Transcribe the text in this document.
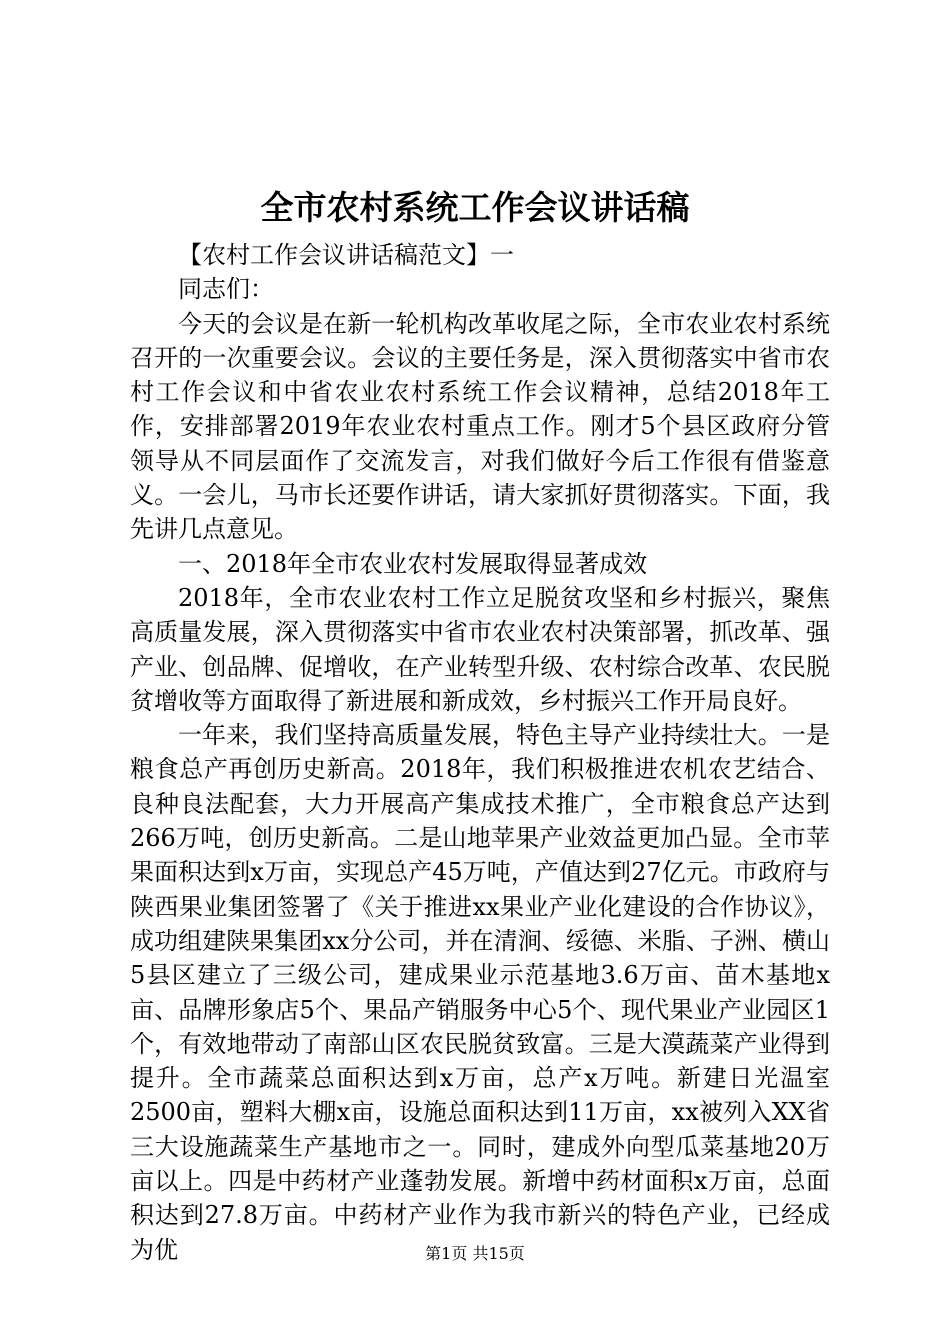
全市农村系统工作会议讲话稿

【农村工作会议讲话稿范文】一

同志们：

今天的会议是在新一轮机构改革收尾之际，全市农业农村系统召开的一次重要会议。会议的主要任务是，深入贯彻落实中省市农村工作会议和中省农业农村系统工作会议精神，总结2018年工作，安排部署2019年农业农村重点工作。刚才5个县区政府分管领导从不同层面作了交流发言，对我们做好今后工作很有借鉴意义。一会儿，马市长还要作讲话，请大家抓好贯彻落实。下面，我先讲几点意见。

一、2018年全市农业农村发展取得显著成效

2018年，全市农业农村工作立足脱贫攻坚和乡村振兴，聚焦高质量发展，深入贯彻落实中省市农业农村决策部署，抓改革、强产业、创品牌、促增收，在产业转型升级、农村综合改革、农民脱贫增收等方面取得了新进展和新成效，乡村振兴工作开局良好。

一年来，我们坚持高质量发展，特色主导产业持续壮大。一是粮食总产再创历史新高。2018年，我们积极推进农机农艺结合、良种良法配套，大力开展高产集成技术推广，全市粮食总产达到266万吨，创历史新高。二是山地苹果产业效益更加凸显。全市苹果面积达到x万亩，实现总产45万吨，产值达到27亿元。市政府与陕西果业集团签署了《关于推进xx果业产业化建设的合作协议》，成功组建陕果集团xx分公司，并在清涧、绥德、米脂、子洲、横山5县区建立了三级公司，建成果业示范基地3.6万亩、苗木基地x亩、品牌形象店5个、果品产销服务中心5个、现代果业产业园区1个，有效地带动了南部山区农民脱贫致富。三是大漠蔬菜产业得到提升。全市蔬菜总面积达到x万亩，总产x万吨。新建日光温室2500亩，塑料大棚x亩，设施总面积达到11万亩，xx被列入XX省三大设施蔬菜生产基地市之一。同时，建成外向型瓜菜基地20万亩以上。四是中药材产业蓬勃发展。新增中药材面积x万亩，总面积达到27.8万亩。中药材产业作为我市新兴的特色产业，已经成为优	第1页 共15页
